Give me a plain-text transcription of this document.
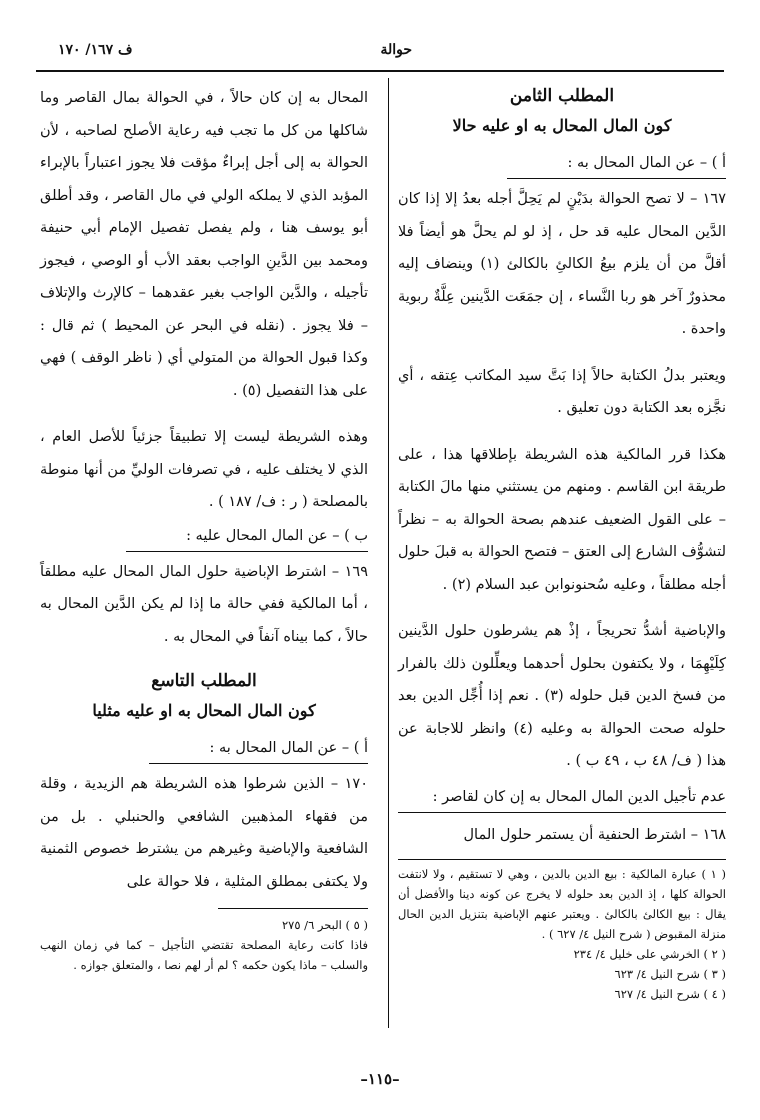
حوالة
ف ١٦٧/ ١٧٠
المطلب الثامن
كون المال المحال به او عليه حالا
أ ) – عن المال المحال به :

١٦٧ – لا تصح الحوالة بدَيْنٍ لم يَحِلَّ أجله بعدُ إلا إذا كان الدَّين المحال عليه قد حل ، إذ لو لم يحلَّ هو أيضاً فلا أقلَّ من أن يلزم بيعُ الكالئِ بالكالئ (١) وينضاف إليه محذورٌ آخر هو ربا النَّساء ، إن جمَعَت الدَّينين عِلَّةٌ ربوية واحدة .

ويعتبر بدلُ الكتابة حالاً إذا بَتَّ سيد المكاتب عِتقه ، أي نجَّزه بعد الكتابة دون تعليق .

هكذا قرر المالكية هذه الشريطة بإطلاقها هذا ، على طريقة ابن القاسم . ومنهم من يستثني منها مالَ الكتابة – على القول الضعيف عندهم بصحة الحوالة به – نظراً لتشوُّف الشارع إلى العتق – فتصح الحوالة به قبلَ حلول أجله مطلقاً ، وعليه سُحنونوابن عبد السلام (٢) .

والإباضية أشدُّ تحريجاً ، إذْ هم يشرطون حلول الدَّينين كِلَيْهِمَا ، ولا يكتفون بحلول أحدهما ويعلِّلون ذلك بالفرار من فسخ الدين قبل حلوله (٣) . نعم إذا أُجِّل الدين بعد حلوله صحت الحوالة به وعليه (٤) وانظر للاجابة عن هذا ( ف/ ٤٨ ب ، ٤٩ ب ) .

عدم تأجيل الدين المال المحال به إن كان لقاصر :

١٦٨ – اشترط الحنفية أن يستمر حلول المال

( ١ ) عبارة المالكية : بيع الدين بالدين ، وهي لا تستقيم ، ولا لانتفت الحوالة كلها ، إذ الدين بعد حلوله لا يخرج عن كونه دينا والأفضل أن يقال : بيع الكالئ بالكالئ . ويعتبر عنهم الإباضية بتنزيل الدين الحال منزلة المقبوض ( شرح النيل ٤/ ٦٢٧ ) .
( ٢ ) الخرشي على خليل ٤/ ٢٣٤
( ٣ ) شرح النيل ٤/ ٦٢٣
( ٤ ) شرح النيل ٤/ ٦٢٧

المحال به إن كان حالاً ، في الحوالة بمال القاصر وما شاكلها من كل ما تجب فيه رعاية الأصلح لصاحبه ، لأن الحوالة به إلى أجل إبراءٌ مؤقت فلا يجوز اعتباراً بالإبراء المؤبد الذي لا يملكه الولي في مال القاصر ، وقد أطلق أبو يوسف هنا ، ولم يفصل تفصيل الإمام أبي حنيفة ومحمد بين الدَّينِ الواجب بعقد الأب أو الوصي ، فيجوز تأجيله ، والدَّين الواجب بغير عقدهما – كالإرث والإتلاف – فلا يجوز . (نقله في البحر عن المحيط ) ثم قال : وكذا قبول الحوالة من المتولي أي ( ناظر الوقف ) فهي على هذا التفصيل (٥) .

وهذه الشريطة ليست إلا تطبيقاً جزئياً للأصل العام ، الذي لا يختلف عليه ، في تصرفات الوليِّ من أنها منوطة بالمصلحة ( ر : ف/ ١٨٧ ) .

ب ) – عن المال المحال عليه :

١٦٩ – اشترط الإباضية حلول المال المحال عليه مطلقاً ، أما المالكية ففي حالة ما إذا لم يكن الدَّين المحال به حالاً ، كما بيناه آنفاً في المحال به .

المطلب التاسع
كون المال المحال به او عليه مثليا
أ ) – عن المال المحال به :

١٧٠ – الذين شرطوا هذه الشريطة هم الزيدية ، وقلة من فقهاء المذهبين الشافعي والحنبلي . بل من الشافعية والإباضية وغيرهم من يشترط خصوص الثمنية ولا يكتفى بمطلق المثلية ، فلا حوالة على

( ٥ ) البحر ٦/ ٢٧٥
فاذا كانت رعاية المصلحة تقتضي التأجيل – كما في زمان النهب والسلب – ماذا يكون حكمه ؟ لم أر لهم نصا ، والمتعلق جوازه .
–١١٥–
